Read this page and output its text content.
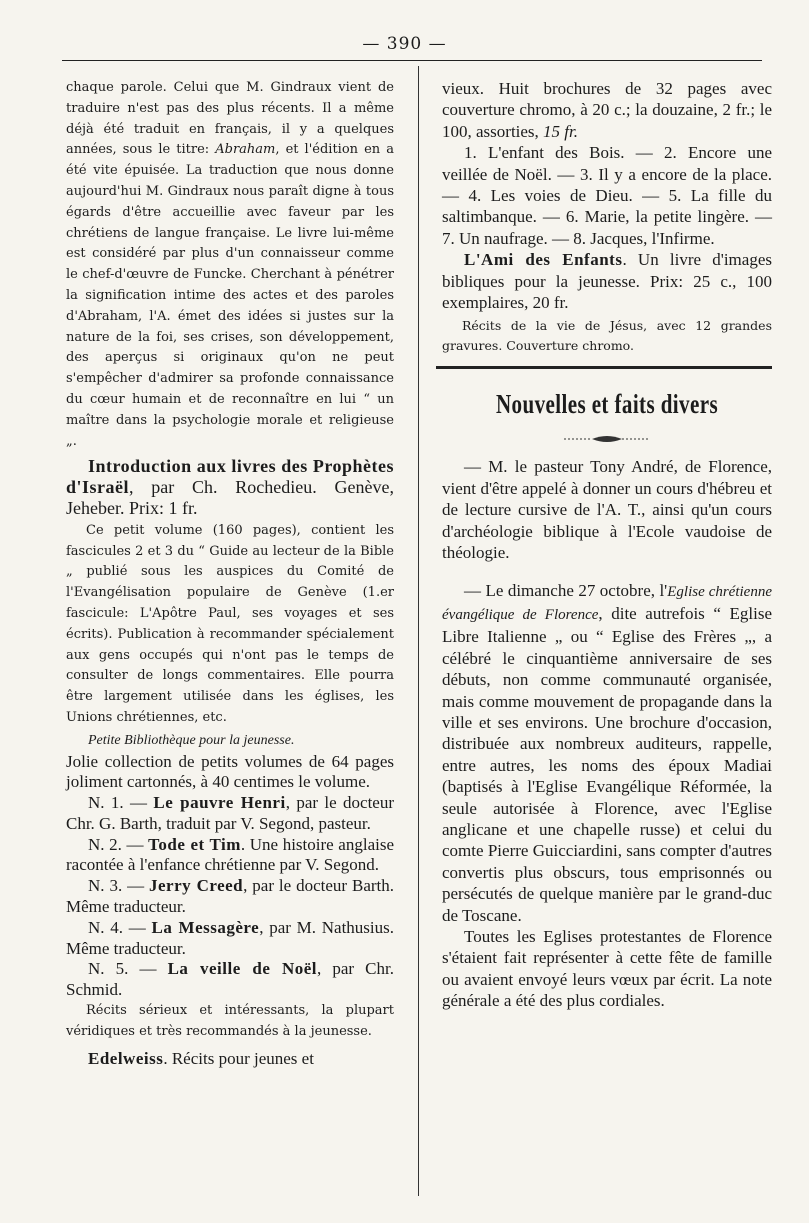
— 390 —

chaque parole. Celui que M. Gindraux vient de traduire n'est pas des plus récents. Il a même déjà été traduit en français, il y a quelques années, sous le titre: Abraham, et l'édition en a été vite épuisée. La traduction que nous donne aujourd'hui M. Gindraux nous paraît digne à tous égards d'être accueillie avec faveur par les chrétiens de langue française. Le livre lui-même est considéré par plus d'un connaisseur comme le chef-d'œuvre de Funcke. Cherchant à pénétrer la signification intime des actes et des paroles d'Abraham, l'A. émet des idées si justes sur la nature de la foi, ses crises, son développement, des aperçus si originaux qu'on ne peut s'empêcher d'admirer sa profonde connaissance du cœur humain et de reconnaître en lui “ un maître dans la psychologie morale et religieuse „.

Introduction aux livres des Prophètes d'Israël, par Ch. Rochedieu. Genève, Jeheber. Prix: 1 fr.

Ce petit volume (160 pages), contient les fascicules 2 et 3 du “ Guide au lecteur de la Bible „ publié sous les auspices du Comité de l'Evangélisation populaire de Genève (1.er fascicule: L'Apôtre Paul, ses voyages et ses écrits). Publication à recommander spécialement aux gens occupés qui n'ont pas le temps de consulter de longs commentaires. Elle pourra être largement utilisée dans les églises, les Unions chrétiennes, etc.

Petite Bibliothèque pour la jeunesse.

Jolie collection de petits volumes de 64 pages joliment cartonnés, à 40 centimes le volume.

N. 1. — Le pauvre Henri, par le docteur Chr. G. Barth, traduit par V. Segond, pasteur.

N. 2. — Tode et Tim. Une histoire anglaise racontée à l'enfance chrétienne par V. Segond.

N. 3. — Jerry Creed, par le docteur Barth. Même traducteur.

N. 4. — La Messagère, par M. Nathusius. Même traducteur.

N. 5. — La veille de Noël, par Chr. Schmid.

Récits sérieux et intéressants, la plupart véridiques et très recommandés à la jeunesse.

Edelweiss. Récits pour jeunes et

vieux. Huit brochures de 32 pages avec couverture chromo, à 20 c.; la douzaine, 2 fr.; le 100, assorties, 15 fr.

1. L'enfant des Bois. — 2. Encore une veillée de Noël. — 3. Il y a encore de la place. — 4. Les voies de Dieu. — 5. La fille du saltimbanque. — 6. Marie, la petite lingère. — 7. Un naufrage. — 8. Jacques, l'Infirme.

L'Ami des Enfants. Un livre d'images bibliques pour la jeunesse. Prix: 25 c., 100 exemplaires, 20 fr.

Récits de la vie de Jésus, avec 12 grandes gravures. Couverture chromo.

Nouvelles et faits divers

— M. le pasteur Tony André, de Florence, vient d'être appelé à donner un cours d'hébreu et de lecture cursive de l'A. T., ainsi qu'un cours d'archéologie biblique à l'Ecole vaudoise de théologie.

— Le dimanche 27 octobre, l'Eglise chrétienne évangélique de Florence, dite autrefois “ Eglise Libre Italienne „ ou “ Eglise des Frères „, a célébré le cinquantième anniversaire de ses débuts, non comme communauté organisée, mais comme mouvement de propagande dans la ville et ses environs. Une brochure d'occasion, distribuée aux nombreux auditeurs, rappelle, entre autres, les noms des époux Madiai (baptisés à l'Eglise Evangélique Réformée, la seule autorisée à Florence, avec l'Eglise anglicane et une chapelle russe) et celui du comte Pierre Guicciardini, sans compter d'autres convertis plus obscurs, tous emprisonnés ou persécutés de quelque manière par le grand-duc de Toscane.

Toutes les Eglises protestantes de Florence s'étaient fait représenter à cette fête de famille ou avaient envoyé leurs vœux par écrit. La note générale a été des plus cordiales.
